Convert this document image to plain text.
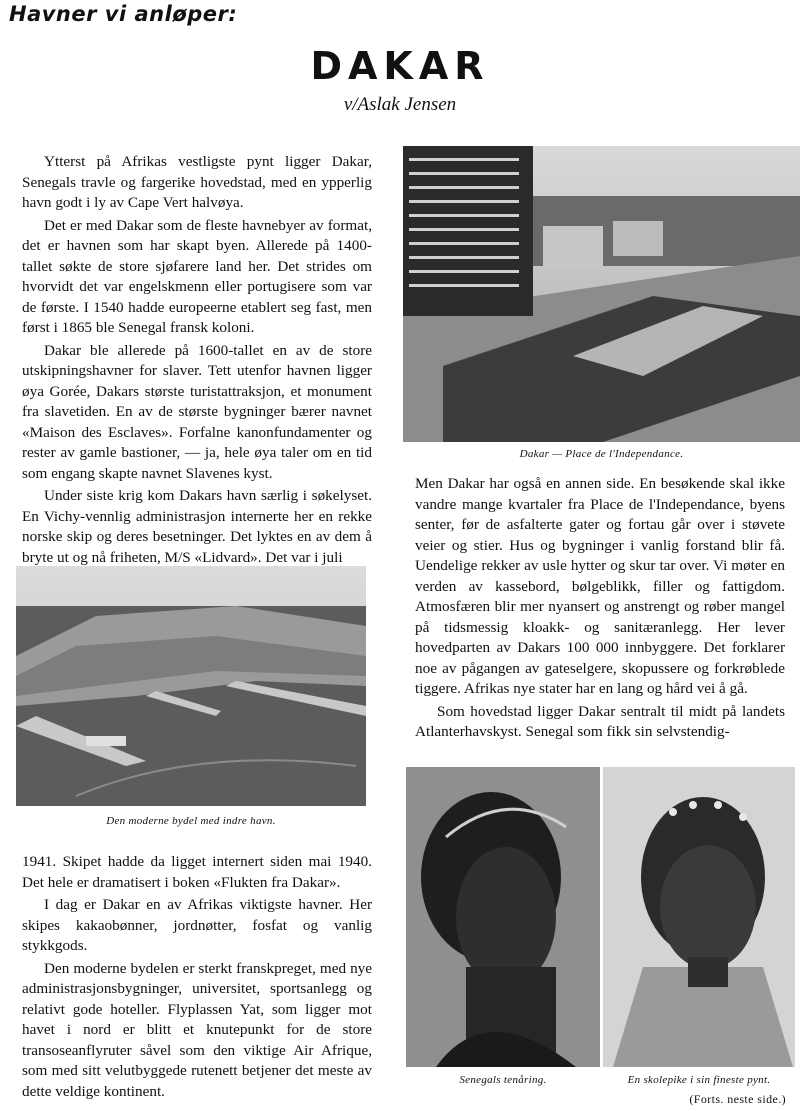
Havner vi anløper:
DAKAR
v/Aslak Jensen

Ytterst på Afrikas vestligste pynt ligger Dakar, Senegals travle og fargerike hovedstad, med en ypperlig havn godt i ly av Cape Vert halvøya.

Det er med Dakar som de fleste havnebyer av format, det er havnen som har skapt byen. Allerede på 1400-tallet søkte de store sjøfarere land her. Det strides om hvorvidt det var engelskmenn eller portugisere som var de første. I 1540 hadde europeerne etablert seg fast, men først i 1865 ble Senegal fransk koloni.

Dakar ble allerede på 1600-tallet en av de store utskipningshavner for slaver. Tett utenfor havnen ligger øya Gorée, Dakars største turistattraksjon, et monument fra slavetiden. En av de største bygninger bærer navnet «Maison des Esclaves». Forfalne kanonfundamenter og rester av gamle bastioner, — ja, hele øya taler om en tid som engang skapte navnet Slavenes kyst.

Under siste krig kom Dakars havn særlig i søkelyset. En Vichy-vennlig administrasjon internerte her en rekke norske skip og deres besetninger. Det lyktes en av dem å bryte ut og nå friheten, M/S «Lidvard». Det var i juli

Dakar — Place de l'Independance.

Men Dakar har også en annen side. En besøkende skal ikke vandre mange kvartaler fra Place de l'Independance, byens senter, før de asfalterte gater og fortau går over i støvete veier og stier. Hus og bygninger i vanlig forstand blir få. Uendelige rekker av usle hytter og skur tar over. Vi møter en verden av kassebord, bølgeblikk, filler og fattigdom. Atmosfæren blir mer nyansert og anstrengt og røber mangel på tidsmessig kloakk- og sanitæranlegg. Her lever hovedparten av Dakars 100 000 innbyggere. Det forklarer noe av pågangen av gateselgere, skopussere og forkrøblede tiggere. Afrikas nye stater har en lang og hård vei å gå.

Som hovedstad ligger Dakar sentralt til midt på landets Atlanterhavskyst. Senegal som fikk sin selvstendig-

Den moderne bydel med indre havn.

1941. Skipet hadde da ligget internert siden mai 1940. Det hele er dramatisert i boken «Flukten fra Dakar».

I dag er Dakar en av Afrikas viktigste havner. Her skipes kakaobønner, jordnøtter, fosfat og vanlig stykkgods.

Den moderne bydelen er sterkt franskpreget, med nye administrasjonsbygninger, universitet, sportsanlegg og relativt gode hoteller. Flyplassen Yat, som ligger mot havet i nord er blitt et knutepunkt for de store transoseanflyruter såvel som den viktige Air Afrique, som med sitt velutbyggede rutenett betjener det meste av dette veldige kontinent.

Senegals tenåring.	En skolepike i sin fineste pynt.
(Forts. neste side.)
